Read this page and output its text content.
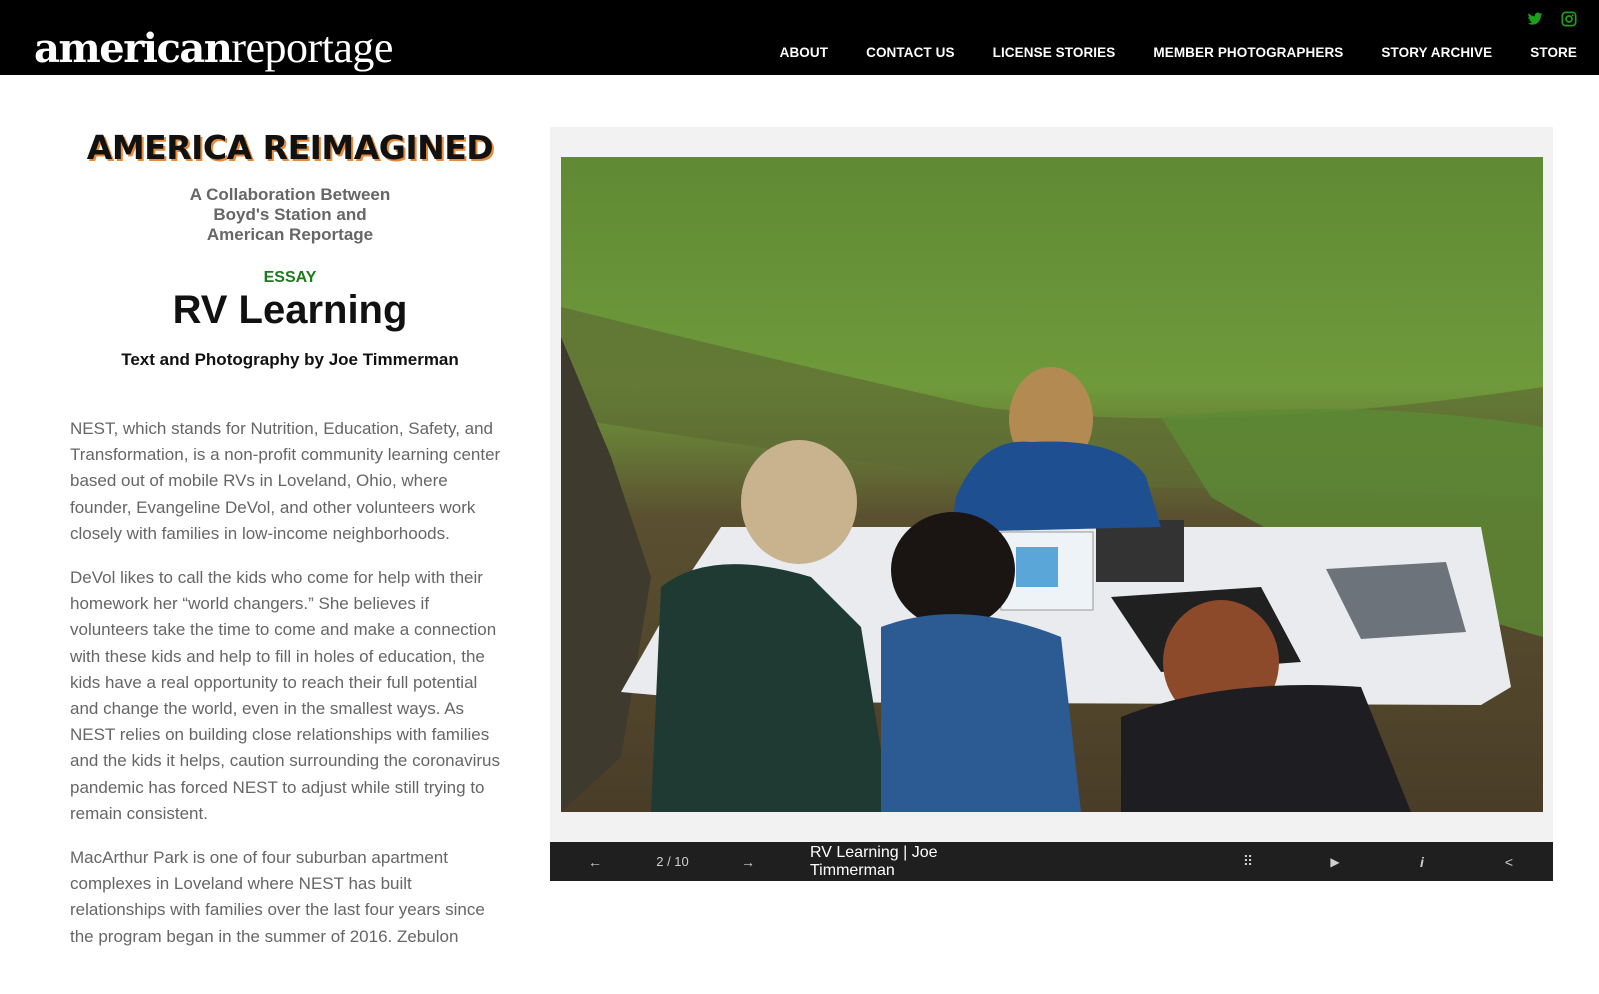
americanreportage	ABOUT	CONTACT US	LICENSE STORIES	MEMBER PHOTOGRAPHERS	STORY ARCHIVE	STORE
AMERICA REIMAGINED
A Collaboration Between
Boyd's Station and
American Reportage
ESSAY
RV Learning
Text and Photography by Joe Timmerman

NEST, which stands for Nutrition, Education, Safety, and Transformation, is a non-profit community learning center based out of mobile RVs in Loveland, Ohio, where founder, Evangeline DeVol, and other volunteers work closely with families in low-income neighborhoods.

DeVol likes to call the kids who come for help with their homework her “world changers.” She believes if volunteers take the time to come and make a connection with these kids and help to fill in holes of education, the kids have a real opportunity to reach their full potential and change the world, even in the smallest ways. As NEST relies on building close relationships with families and the kids it helps, caution surrounding the coronavirus pandemic has forced NEST to adjust while still trying to remain consistent.

MacArthur Park is one of four suburban apartment complexes in Loveland where NEST has built relationships with families over the last four years since the program began in the summer of 2016. Zebulon

←	2 / 10	→
RV Learning | Joe Timmerman
⠿	▶	i	<
